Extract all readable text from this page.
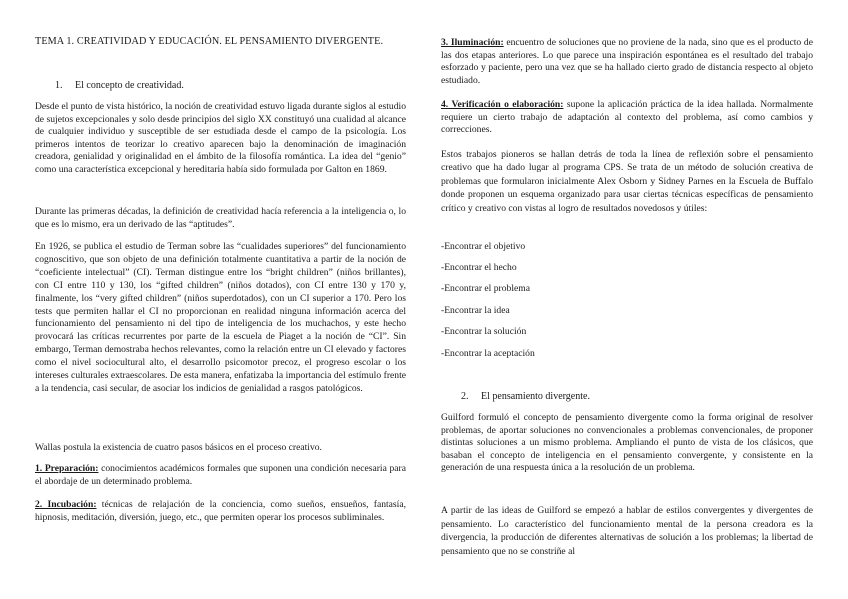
TEMA 1. CREATIVIDAD Y EDUCACIÓN. EL PENSAMIENTO DIVERGENTE.
1. El concepto de creatividad.

Desde el punto de vista histórico, la noción de creatividad estuvo ligada durante siglos al estudio de sujetos excepcionales y solo desde principios del siglo XX constituyó una cualidad al alcance de cualquier individuo y susceptible de ser estudiada desde el campo de la psicología. Los primeros intentos de teorizar lo creativo aparecen bajo la denominación de imaginación creadora, genialidad y originalidad en el ámbito de la filosofía romántica. La idea del “genio” como una característica excepcional y hereditaria había sido formulada por Galton en 1869.

Durante las primeras décadas, la definición de creatividad hacía referencia a la inteligencia o, lo que es lo mismo, era un derivado de las “aptitudes”.

En 1926, se publica el estudio de Terman sobre las “cualidades superiores” del funcionamiento cognoscitivo, que son objeto de una definición totalmente cuantitativa a partir de la noción de “coeficiente intelectual” (CI). Terman distingue entre los “bright children” (niños brillantes), con CI entre 110 y 130, los “gifted children” (niños dotados), con CI entre 130 y 170 y, finalmente, los “very gifted children” (niños superdotados), con un CI superior a 170. Pero los tests que permiten hallar el CI no proporcionan en realidad ninguna información acerca del funcionamiento del pensamiento ni del tipo de inteligencia de los muchachos, y este hecho provocará las críticas recurrentes por parte de la escuela de Piaget a la noción de “CI”. Sin embargo, Terman demostraba hechos relevantes, como la relación entre un CI elevado y factores como el nivel sociocultural alto, el desarrollo psicomotor precoz, el progreso escolar o los intereses culturales extraescolares. De esta manera, enfatizaba la importancia del estímulo frente a la tendencia, casi secular, de asociar los indicios de genialidad a rasgos patológicos.

Wallas postula la existencia de cuatro pasos básicos en el proceso creativo.

1. Preparación: conocimientos académicos formales que suponen una condición necesaria para el abordaje de un determinado problema.

2. Incubación: técnicas de relajación de la conciencia, como sueños, ensueños, fantasía, hipnosis, meditación, diversión, juego, etc., que permiten operar los procesos subliminales.

3. Iluminación: encuentro de soluciones que no proviene de la nada, sino que es el producto de las dos etapas anteriores. Lo que parece una inspiración espontánea es el resultado del trabajo esforzado y paciente, pero una vez que se ha hallado cierto grado de distancia respecto al objeto estudiado.

4. Verificación o elaboración: supone la aplicación práctica de la idea hallada. Normalmente requiere un cierto trabajo de adaptación al contexto del problema, así como cambios y correcciones.

Estos trabajos pioneros se hallan detrás de toda la línea de reflexión sobre el pensamiento creativo que ha dado lugar al programa CPS. Se trata de un método de solución creativa de problemas que formularon inicialmente Alex Osborn y Sidney Parnes en la Escuela de Buffalo donde proponen un esquema organizado para usar ciertas técnicas específicas de pensamiento crítico y creativo con vistas al logro de resultados novedosos y útiles:

-Encontrar el objetivo
-Encontrar el hecho
-Encontrar el problema
-Encontrar la idea
-Encontrar la solución
-Encontrar la aceptación
2. El pensamiento divergente.

Guilford formuló el concepto de pensamiento divergente como la forma original de resolver problemas, de aportar soluciones no convencionales a problemas convencionales, de proponer distintas soluciones a un mismo problema. Ampliando el punto de vista de los clásicos, que basaban el concepto de inteligencia en el pensamiento convergente, y consistente en la generación de una respuesta única a la resolución de un problema.

A partir de las ideas de Guilford se empezó a hablar de estilos convergentes y divergentes de pensamiento. Lo característico del funcionamiento mental de la persona creadora es la divergencia, la producción de diferentes alternativas de solución a los problemas; la libertad de pensamiento que no se constriñe al
